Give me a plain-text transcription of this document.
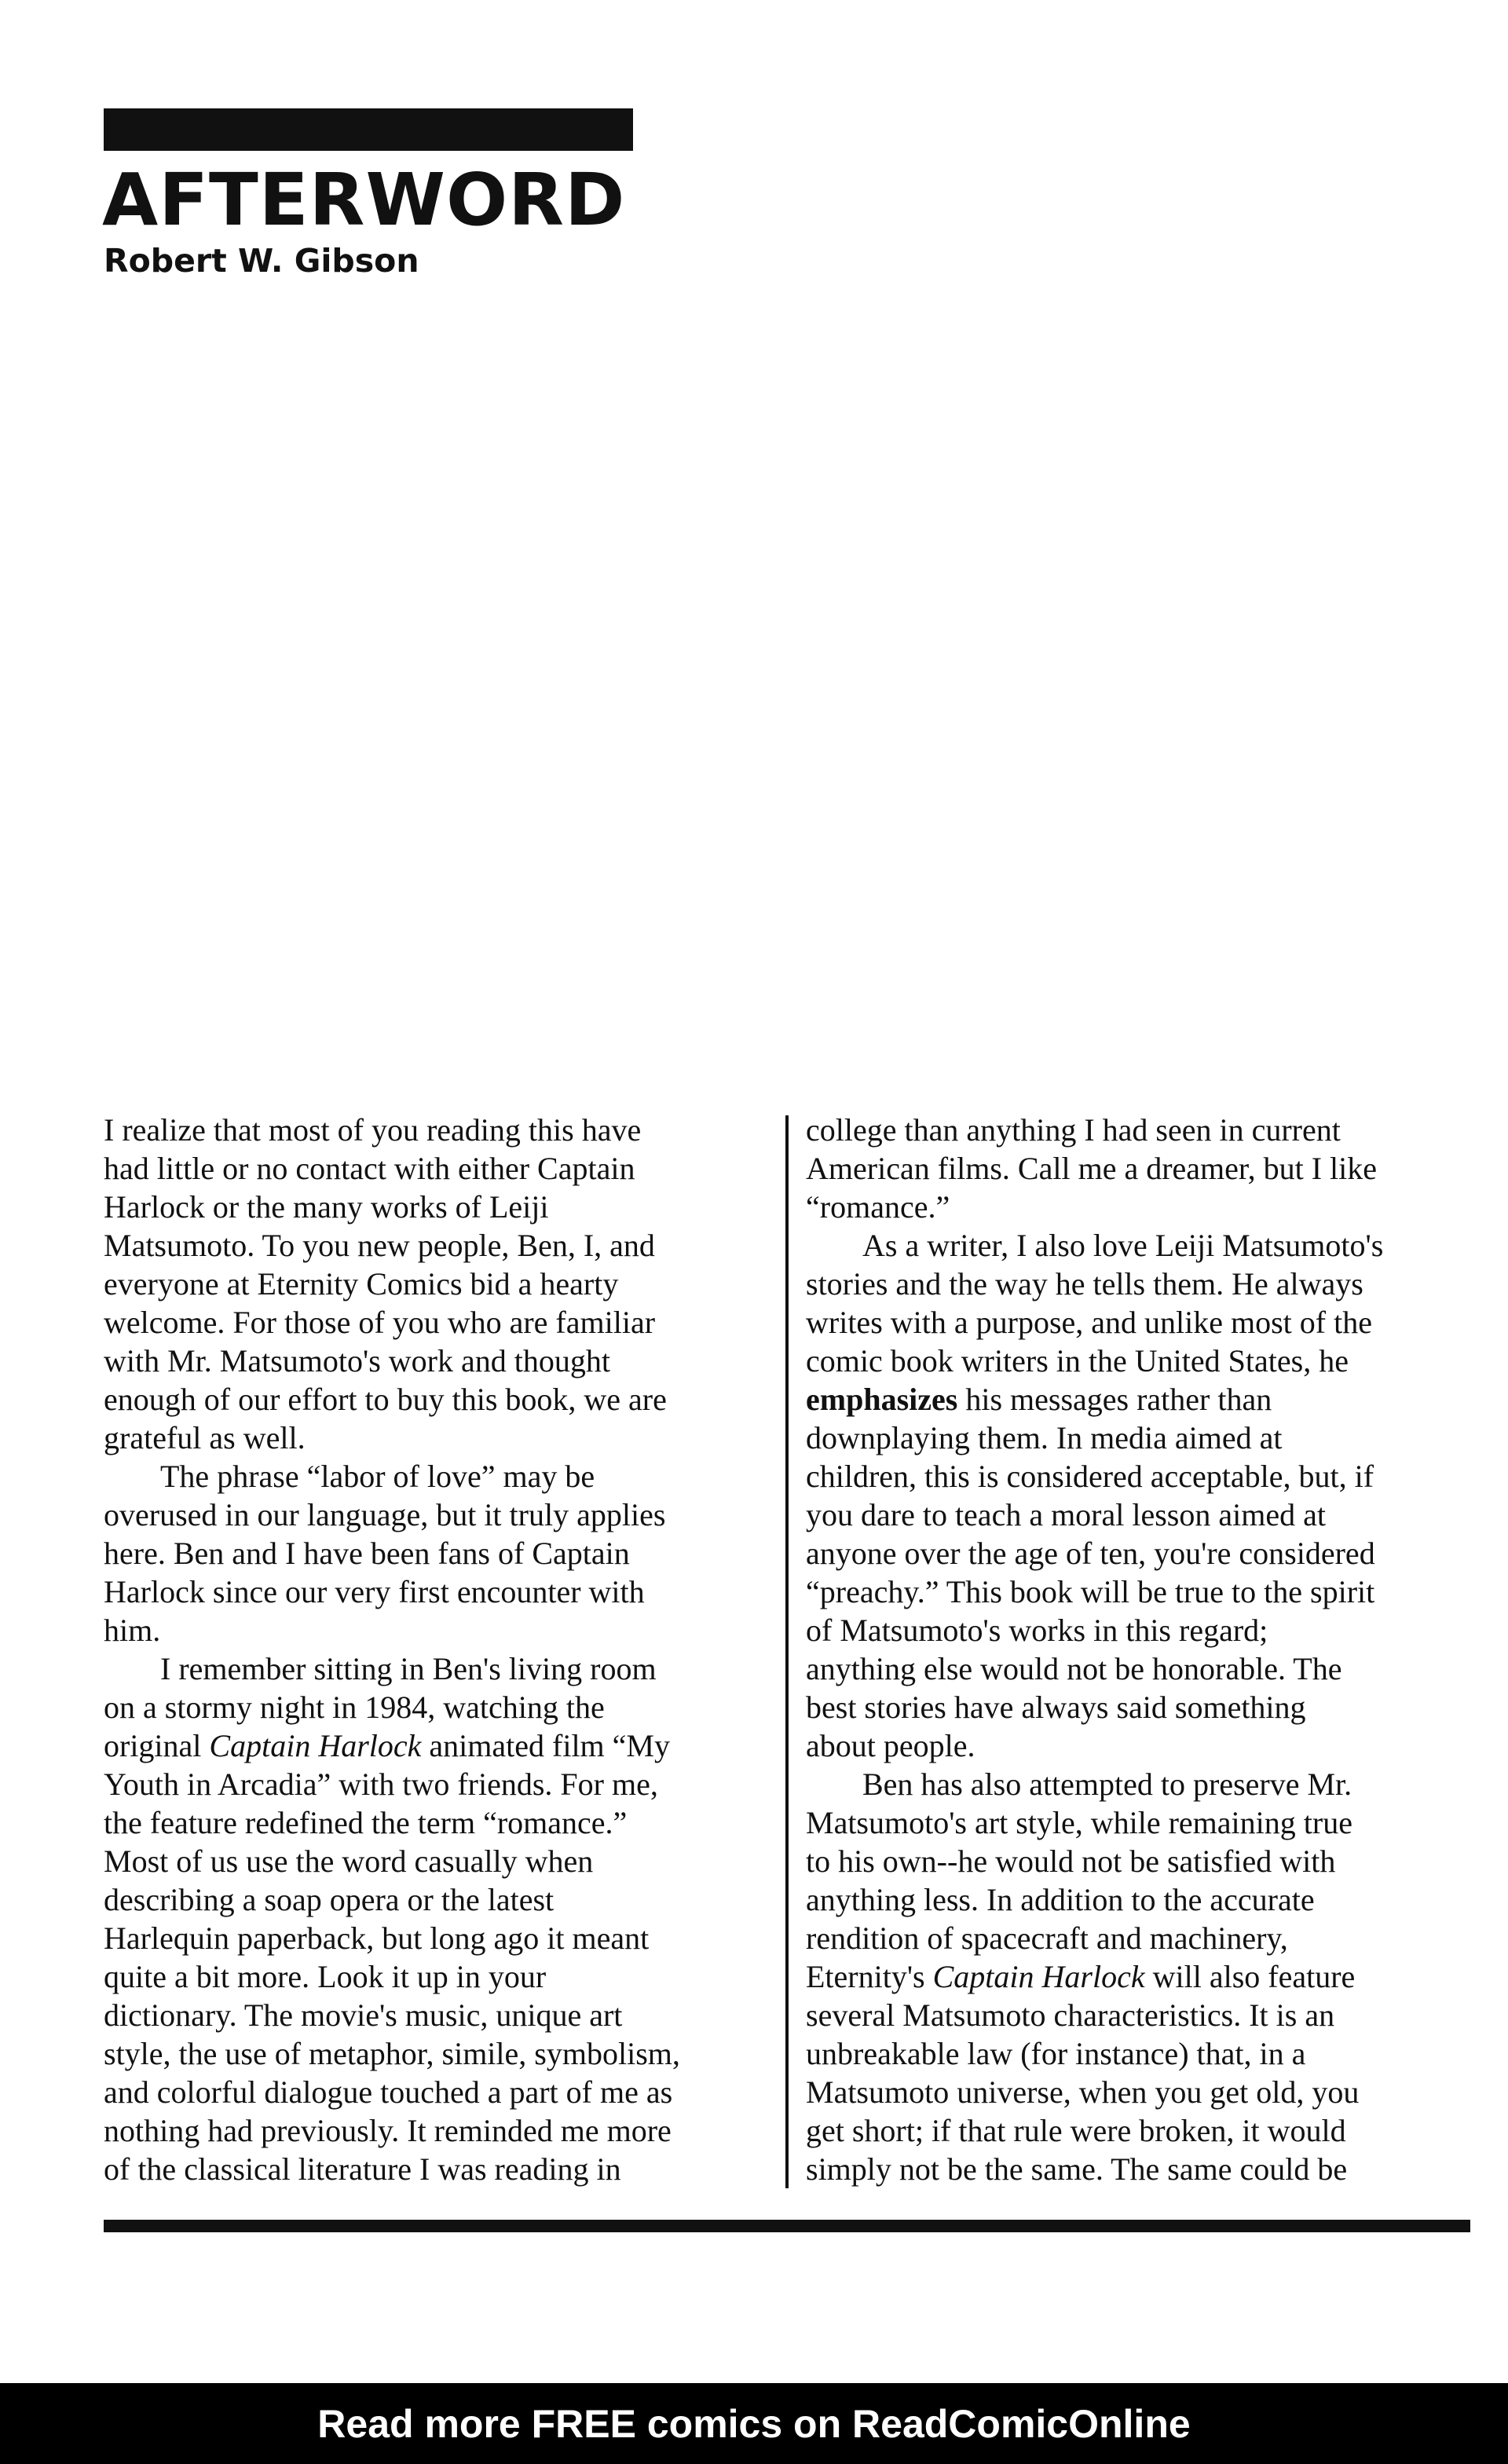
AFTERWORD
Robert W. Gibson

I realize that most of you reading this have
had little or no contact with either Captain
Harlock or the many works of Leiji
Matsumoto. To you new people, Ben, I, and
everyone at Eternity Comics bid a hearty
welcome. For those of you who are familiar
with Mr. Matsumoto's work and thought
enough of our effort to buy this book, we are
grateful as well.

The phrase “labor of love” may be
overused in our language, but it truly applies
here. Ben and I have been fans of Captain
Harlock since our very first encounter with
him.

I remember sitting in Ben's living room
on a stormy night in 1984, watching the
original Captain Harlock animated film “My
Youth in Arcadia” with two friends. For me,
the feature redefined the term “romance.”
Most of us use the word casually when
describing a soap opera or the latest
Harlequin paperback, but long ago it meant
quite a bit more. Look it up in your
dictionary. The movie's music, unique art
style, the use of metaphor, simile, symbolism,
and colorful dialogue touched a part of me as
nothing had previously. It reminded me more
of the classical literature I was reading in

college than anything I had seen in current
American films. Call me a dreamer, but I like
“romance.”

As a writer, I also love Leiji Matsumoto's
stories and the way he tells them. He always
writes with a purpose, and unlike most of the
comic book writers in the United States, he
emphasizes his messages rather than
downplaying them. In media aimed at
children, this is considered acceptable, but, if
you dare to teach a moral lesson aimed at
anyone over the age of ten, you're considered
“preachy.” This book will be true to the spirit
of Matsumoto's works in this regard;
anything else would not be honorable. The
best stories have always said something
about people.

Ben has also attempted to preserve Mr.
Matsumoto's art style, while remaining true
to his own--he would not be satisfied with
anything less. In addition to the accurate
rendition of spacecraft and machinery,
Eternity's Captain Harlock will also feature
several Matsumoto characteristics. It is an
unbreakable law (for instance) that, in a
Matsumoto universe, when you get old, you
get short; if that rule were broken, it would
simply not be the same. The same could be

Read more FREE comics on ReadComicOnline
